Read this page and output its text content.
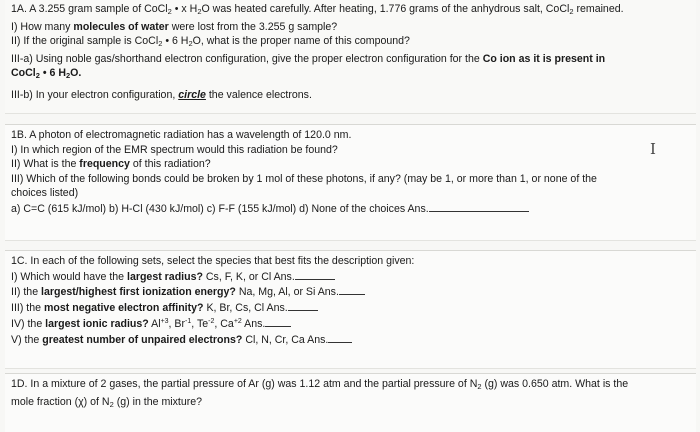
1A. A 3.255 gram sample of CoCl$_2$ • x $H_2O$ was heated carefully. After heating, 1.776 grams of the anhydrous salt, CoCl$_2$ remained.
I) How many molecules of water were lost from the 3.255 g sample?
II) If the original sample is CoCl$_2$ • 6 $H_2O$, what is the proper name of this compound?
III-a) Using noble gas/shorthand electron configuration, give the proper electron configuration for the Co ion as it is present in
CoCl$_2$ • 6 $H_2O$.
III-b) In your electron configuration, circle the valence electrons.
1B. A photon of electromagnetic radiation has a wavelength of 120.0 nm.
I) In which region of the EMR spectrum would this radiation be found?
II) What is the frequency of this radiation?
III) Which of the following bonds could be broken by 1 mol of these photons, if any? (may be 1, or more than 1, or none of the
choices listed)
a) C=C (615 kJ/mol) b) H-Cl (430 kJ/mol) c) F-F (155 kJ/mol) d) None of the choices Ans.
1C. In each of the following sets, select the species that best fits the description given:
I) Which would have the largest radius? Cs, F, K, or Cl Ans.
II) the largest/highest first ionization energy? Na, Mg, Al, or Si Ans.
III) the most negative electron affinity? K, Br, Cs, Cl Ans.
IV) the largest ionic radius? $Al^{+3}$, $Br^{-1}$, $Te^{-2}$, $Ca^{+2}$ Ans.
V) the greatest number of unpaired electrons? Cl, N, Cr, Ca Ans.
1D. In a mixture of 2 gases, the partial pressure of Ar (g) was 1.12 atm and the partial pressure of $N_2$ (g) was 0.650 atm. What is the
mole fraction (χ) of $N_2$ (g) in the mixture?
I
